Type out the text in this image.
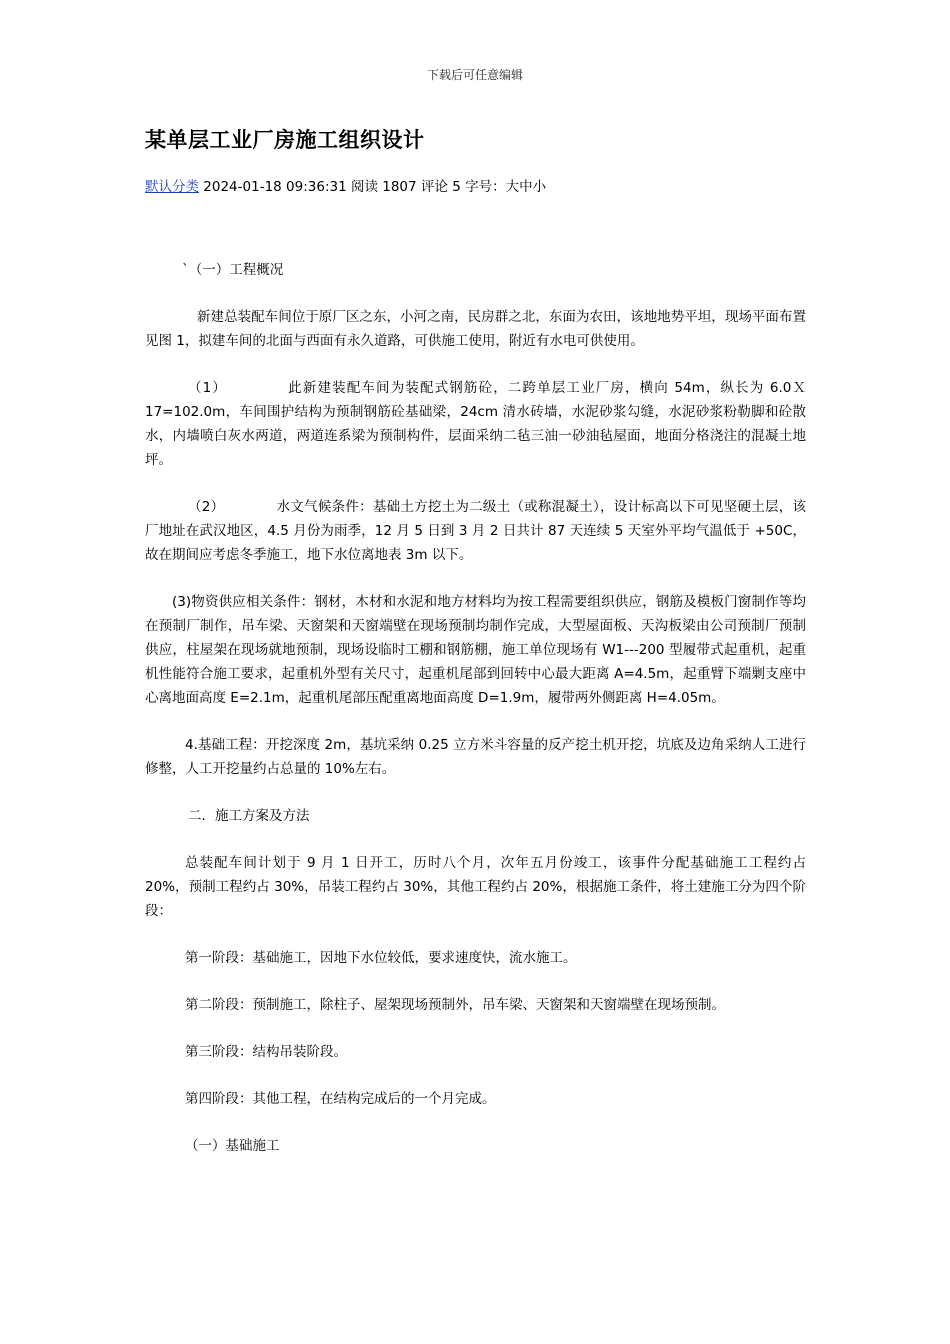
下载后可任意编辑
某单层工业厂房施工组织设计
默认分类 2024-01-18 09:36:31 阅读 1807 评论 5 字号：大中小

`（一）工程概况

新建总装配车间位于原厂区之东，小河之南，民房群之北，东面为农田，该地地势平坦，现场平面布置见图 1，拟建车间的北面与西面有永久道路，可供施工使用，附近有水电可供使用。

（1）	此新建装配车间为装配式钢筋砼，二跨单层工业厂房，横向 54m，纵长为 6.0Ｘ17=102.0m，车间围护结构为预制钢筋砼基础梁，24cm 清水砖墙，水泥砂浆勾缝，水泥砂浆粉勒脚和砼散水，内墙喷白灰水两道，两道连系梁为预制构件，层面采纳二毡三油一砂油毡屋面，地面分格浇注的混凝土地坪。

（2）	水文气候条件：基础土方挖土为二级土（或称混凝土），设计标高以下可见坚硬土层，该厂地址在武汉地区，4.5 月份为雨季，12 月 5 日到 3 月 2 日共计 87 天连续 5 天室外平均气温低于 +50C，故在期间应考虑冬季施工，地下水位离地表 3m 以下。

(3)物资供应相关条件：钢材，木材和水泥和地方材料均为按工程需要组织供应，钢筋及模板门窗制作等均在预制厂制作，吊车梁、天窗架和天窗端壁在现场预制均制作完成，大型屋面板、天沟板梁由公司预制厂预制供应，柱屋架在现场就地预制，现场设临时工棚和钢筋棚，施工单位现场有 W1---200 型履带式起重机，起重机性能符合施工要求，起重机外型有关尺寸，起重机尾部到回转中心最大距离 A=4.5m，起重臂下端剿支座中心离地面高度 E=2.1m，起重机尾部压配重离地面高度 D=1.9m，履带两外侧距离 H=4.05m。

4.基础工程：开挖深度 2m，基坑采纳 0.25 立方米斗容量的反产挖土机开挖，坑底及边角采纳人工进行修整，人工开挖量约占总量的 10%左右。

二．施工方案及方法

总装配车间计划于 9 月 1 日开工，历时八个月，次年五月份竣工，该事件分配基础施工工程约占 20%，预制工程约占 30%，吊装工程约占 30%，其他工程约占 20%，根据施工条件，将土建施工分为四个阶段：

第一阶段：基础施工，因地下水位较低，要求速度快，流水施工。

第二阶段：预制施工，除柱子、屋架现场预制外，吊车梁、天窗架和天窗端壁在现场预制。

第三阶段：结构吊装阶段。

第四阶段：其他工程，在结构完成后的一个月完成。

（一）基础施工
